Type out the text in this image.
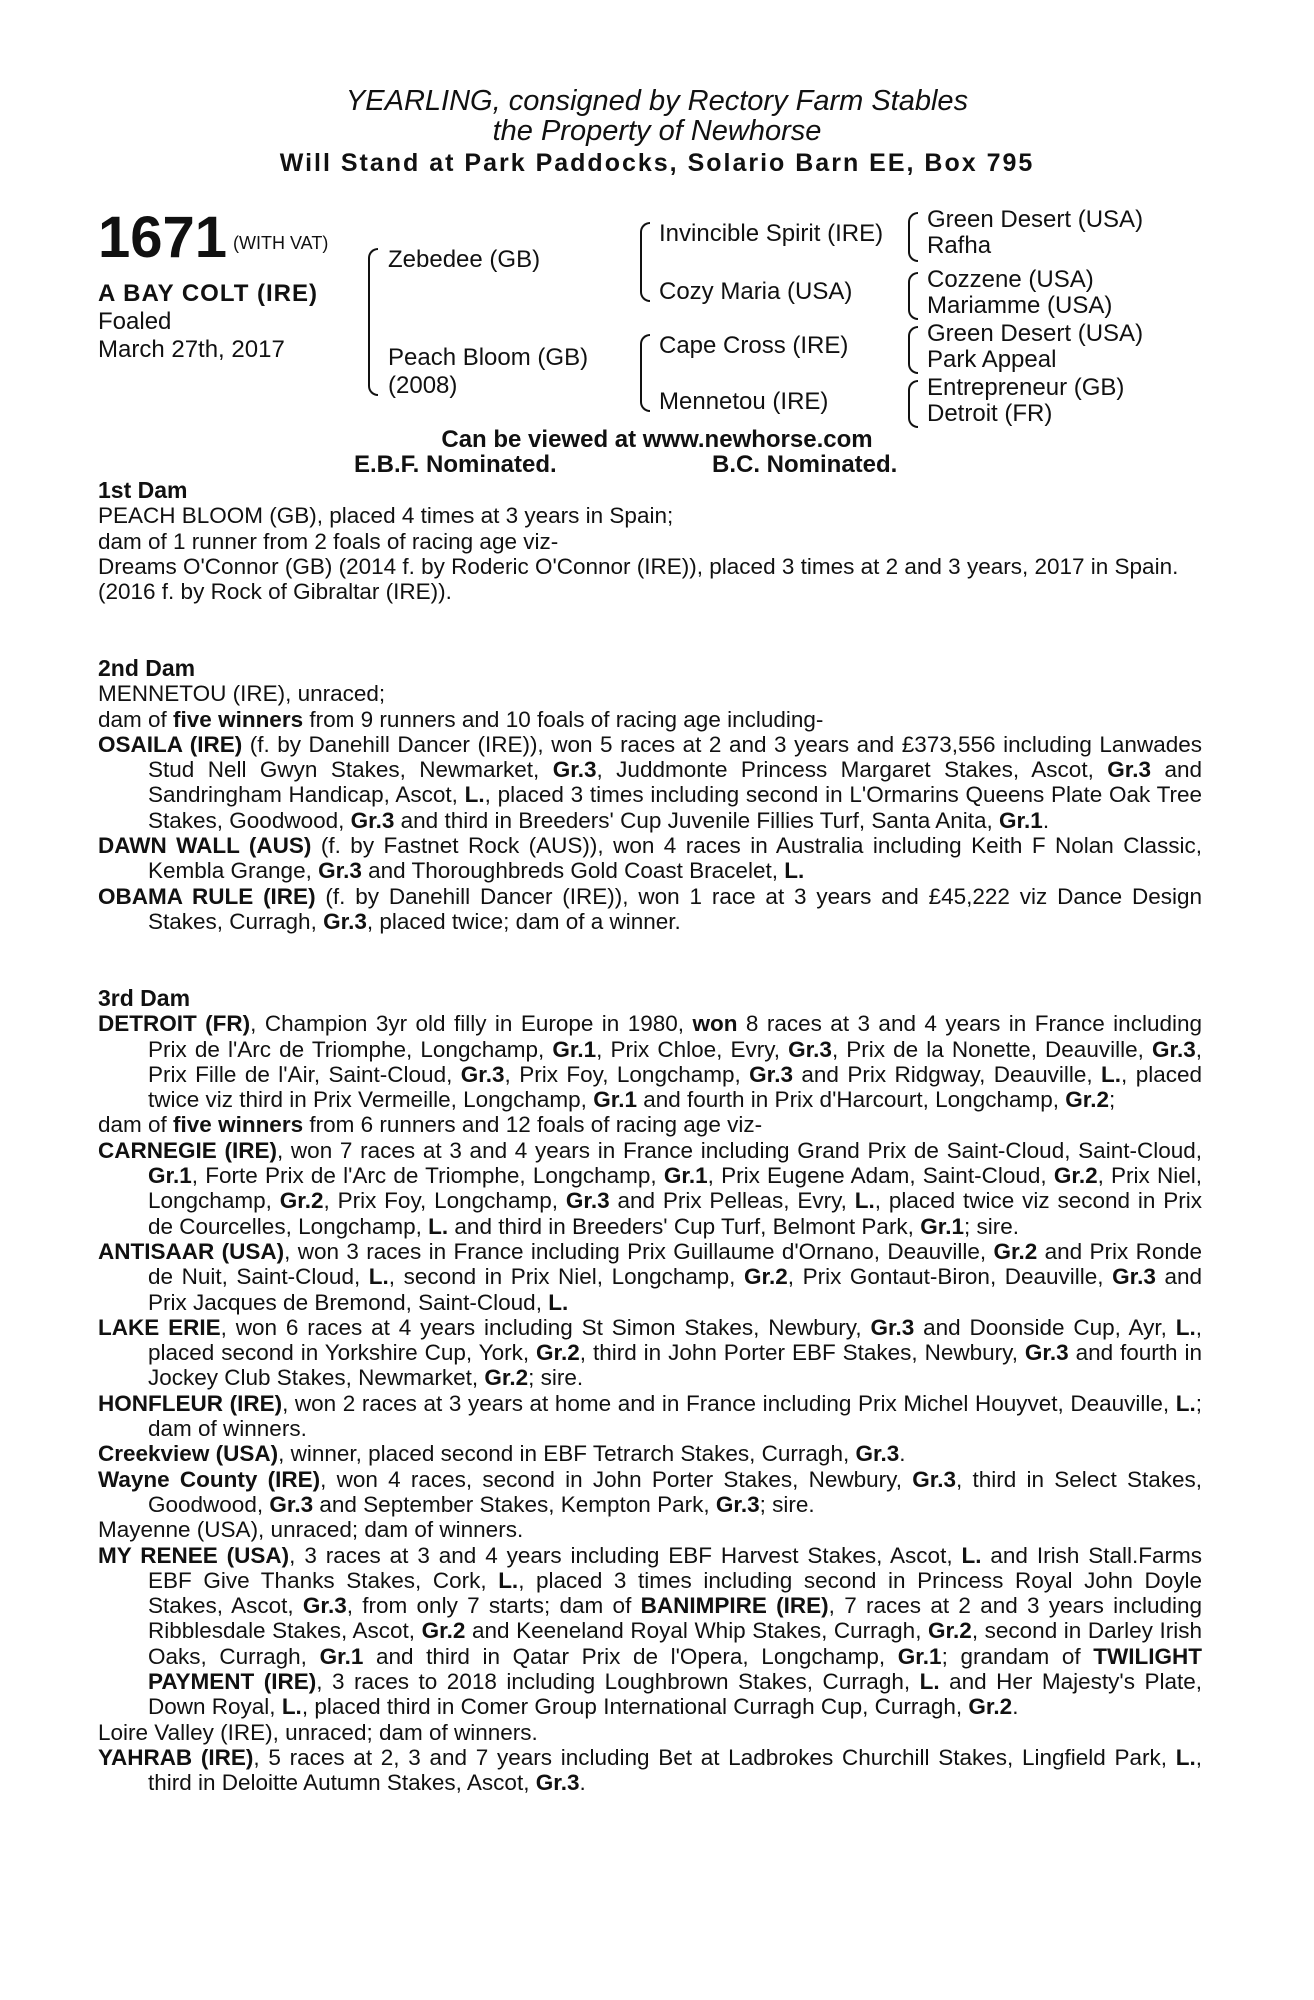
YEARLING, consigned by Rectory Farm Stables
the Property of Newhorse
Will Stand at Park Paddocks, Solario Barn EE, Box 795
1671 (WITH VAT)
A BAY COLT (IRE)
Foaled
March 27th, 2017
Zebedee (GB)
Peach Bloom (GB)
(2008)
Invincible Spirit (IRE)
Cozy Maria (USA)
Cape Cross (IRE)
Mennetou (IRE)
Green Desert (USA)
Rafha
Cozzene (USA)
Mariamme (USA)
Green Desert (USA)
Park Appeal
Entrepreneur (GB)
Detroit (FR)
Can be viewed at www.newhorse.com
E.B.F. Nominated.	B.C. Nominated.

1st Dam

PEACH BLOOM (GB), placed 4 times at 3 years in Spain;

dam of 1 runner from 2 foals of racing age viz-

Dreams O'Connor (GB) (2014 f. by Roderic O'Connor (IRE)), placed 3 times at 2 and 3 years, 2017 in Spain.

(2016 f. by Rock of Gibraltar (IRE)).

2nd Dam

MENNETOU (IRE), unraced;

dam of five winners from 9 runners and 10 foals of racing age including-

OSAILA (IRE) (f. by Danehill Dancer (IRE)), won 5 races at 2 and 3 years and £373,556 including Lanwades Stud Nell Gwyn Stakes, Newmarket, Gr.3, Juddmonte Princess Margaret Stakes, Ascot, Gr.3 and Sandringham Handicap, Ascot, L., placed 3 times including second in L'Ormarins Queens Plate Oak Tree Stakes, Goodwood, Gr.3 and third in Breeders' Cup Juvenile Fillies Turf, Santa Anita, Gr.1.

DAWN WALL (AUS) (f. by Fastnet Rock (AUS)), won 4 races in Australia including Keith F Nolan Classic, Kembla Grange, Gr.3 and Thoroughbreds Gold Coast Bracelet, L.

OBAMA RULE (IRE) (f. by Danehill Dancer (IRE)), won 1 race at 3 years and £45,222 viz Dance Design Stakes, Curragh, Gr.3, placed twice; dam of a winner.

3rd Dam

DETROIT (FR), Champion 3yr old filly in Europe in 1980, won 8 races at 3 and 4 years in France including Prix de l'Arc de Triomphe, Longchamp, Gr.1, Prix Chloe, Evry, Gr.3, Prix de la Nonette, Deauville, Gr.3, Prix Fille de l'Air, Saint-Cloud, Gr.3, Prix Foy, Longchamp, Gr.3 and Prix Ridgway, Deauville, L., placed twice viz third in Prix Vermeille, Longchamp, Gr.1 and fourth in Prix d'Harcourt, Longchamp, Gr.2;

dam of five winners from 6 runners and 12 foals of racing age viz-

CARNEGIE (IRE), won 7 races at 3 and 4 years in France including Grand Prix de Saint-Cloud, Saint-Cloud, Gr.1, Forte Prix de l'Arc de Triomphe, Longchamp, Gr.1, Prix Eugene Adam, Saint-Cloud, Gr.2, Prix Niel, Longchamp, Gr.2, Prix Foy, Longchamp, Gr.3 and Prix Pelleas, Evry, L., placed twice viz second in Prix de Courcelles, Longchamp, L. and third in Breeders' Cup Turf, Belmont Park, Gr.1; sire.

ANTISAAR (USA), won 3 races in France including Prix Guillaume d'Ornano, Deauville, Gr.2 and Prix Ronde de Nuit, Saint-Cloud, L., second in Prix Niel, Longchamp, Gr.2, Prix Gontaut-Biron, Deauville, Gr.3 and Prix Jacques de Bremond, Saint-Cloud, L.

LAKE ERIE, won 6 races at 4 years including St Simon Stakes, Newbury, Gr.3 and Doonside Cup, Ayr, L., placed second in Yorkshire Cup, York, Gr.2, third in John Porter EBF Stakes, Newbury, Gr.3 and fourth in Jockey Club Stakes, Newmarket, Gr.2; sire.

HONFLEUR (IRE), won 2 races at 3 years at home and in France including Prix Michel Houyvet, Deauville, L.; dam of winners.

Creekview (USA), winner, placed second in EBF Tetrarch Stakes, Curragh, Gr.3.

Wayne County (IRE), won 4 races, second in John Porter Stakes, Newbury, Gr.3, third in Select Stakes, Goodwood, Gr.3 and September Stakes, Kempton Park, Gr.3; sire.

Mayenne (USA), unraced; dam of winners.

MY RENEE (USA), 3 races at 3 and 4 years including EBF Harvest Stakes, Ascot, L. and Irish Stall.Farms EBF Give Thanks Stakes, Cork, L., placed 3 times including second in Princess Royal John Doyle Stakes, Ascot, Gr.3, from only 7 starts; dam of BANIMPIRE (IRE), 7 races at 2 and 3 years including Ribblesdale Stakes, Ascot, Gr.2 and Keeneland Royal Whip Stakes, Curragh, Gr.2, second in Darley Irish Oaks, Curragh, Gr.1 and third in Qatar Prix de l'Opera, Longchamp, Gr.1; grandam of TWILIGHT PAYMENT (IRE), 3 races to 2018 including Loughbrown Stakes, Curragh, L. and Her Majesty's Plate, Down Royal, L., placed third in Comer Group International Curragh Cup, Curragh, Gr.2.

Loire Valley (IRE), unraced; dam of winners.

YAHRAB (IRE), 5 races at 2, 3 and 7 years including Bet at Ladbrokes Churchill Stakes, Lingfield Park, L., third in Deloitte Autumn Stakes, Ascot, Gr.3.
